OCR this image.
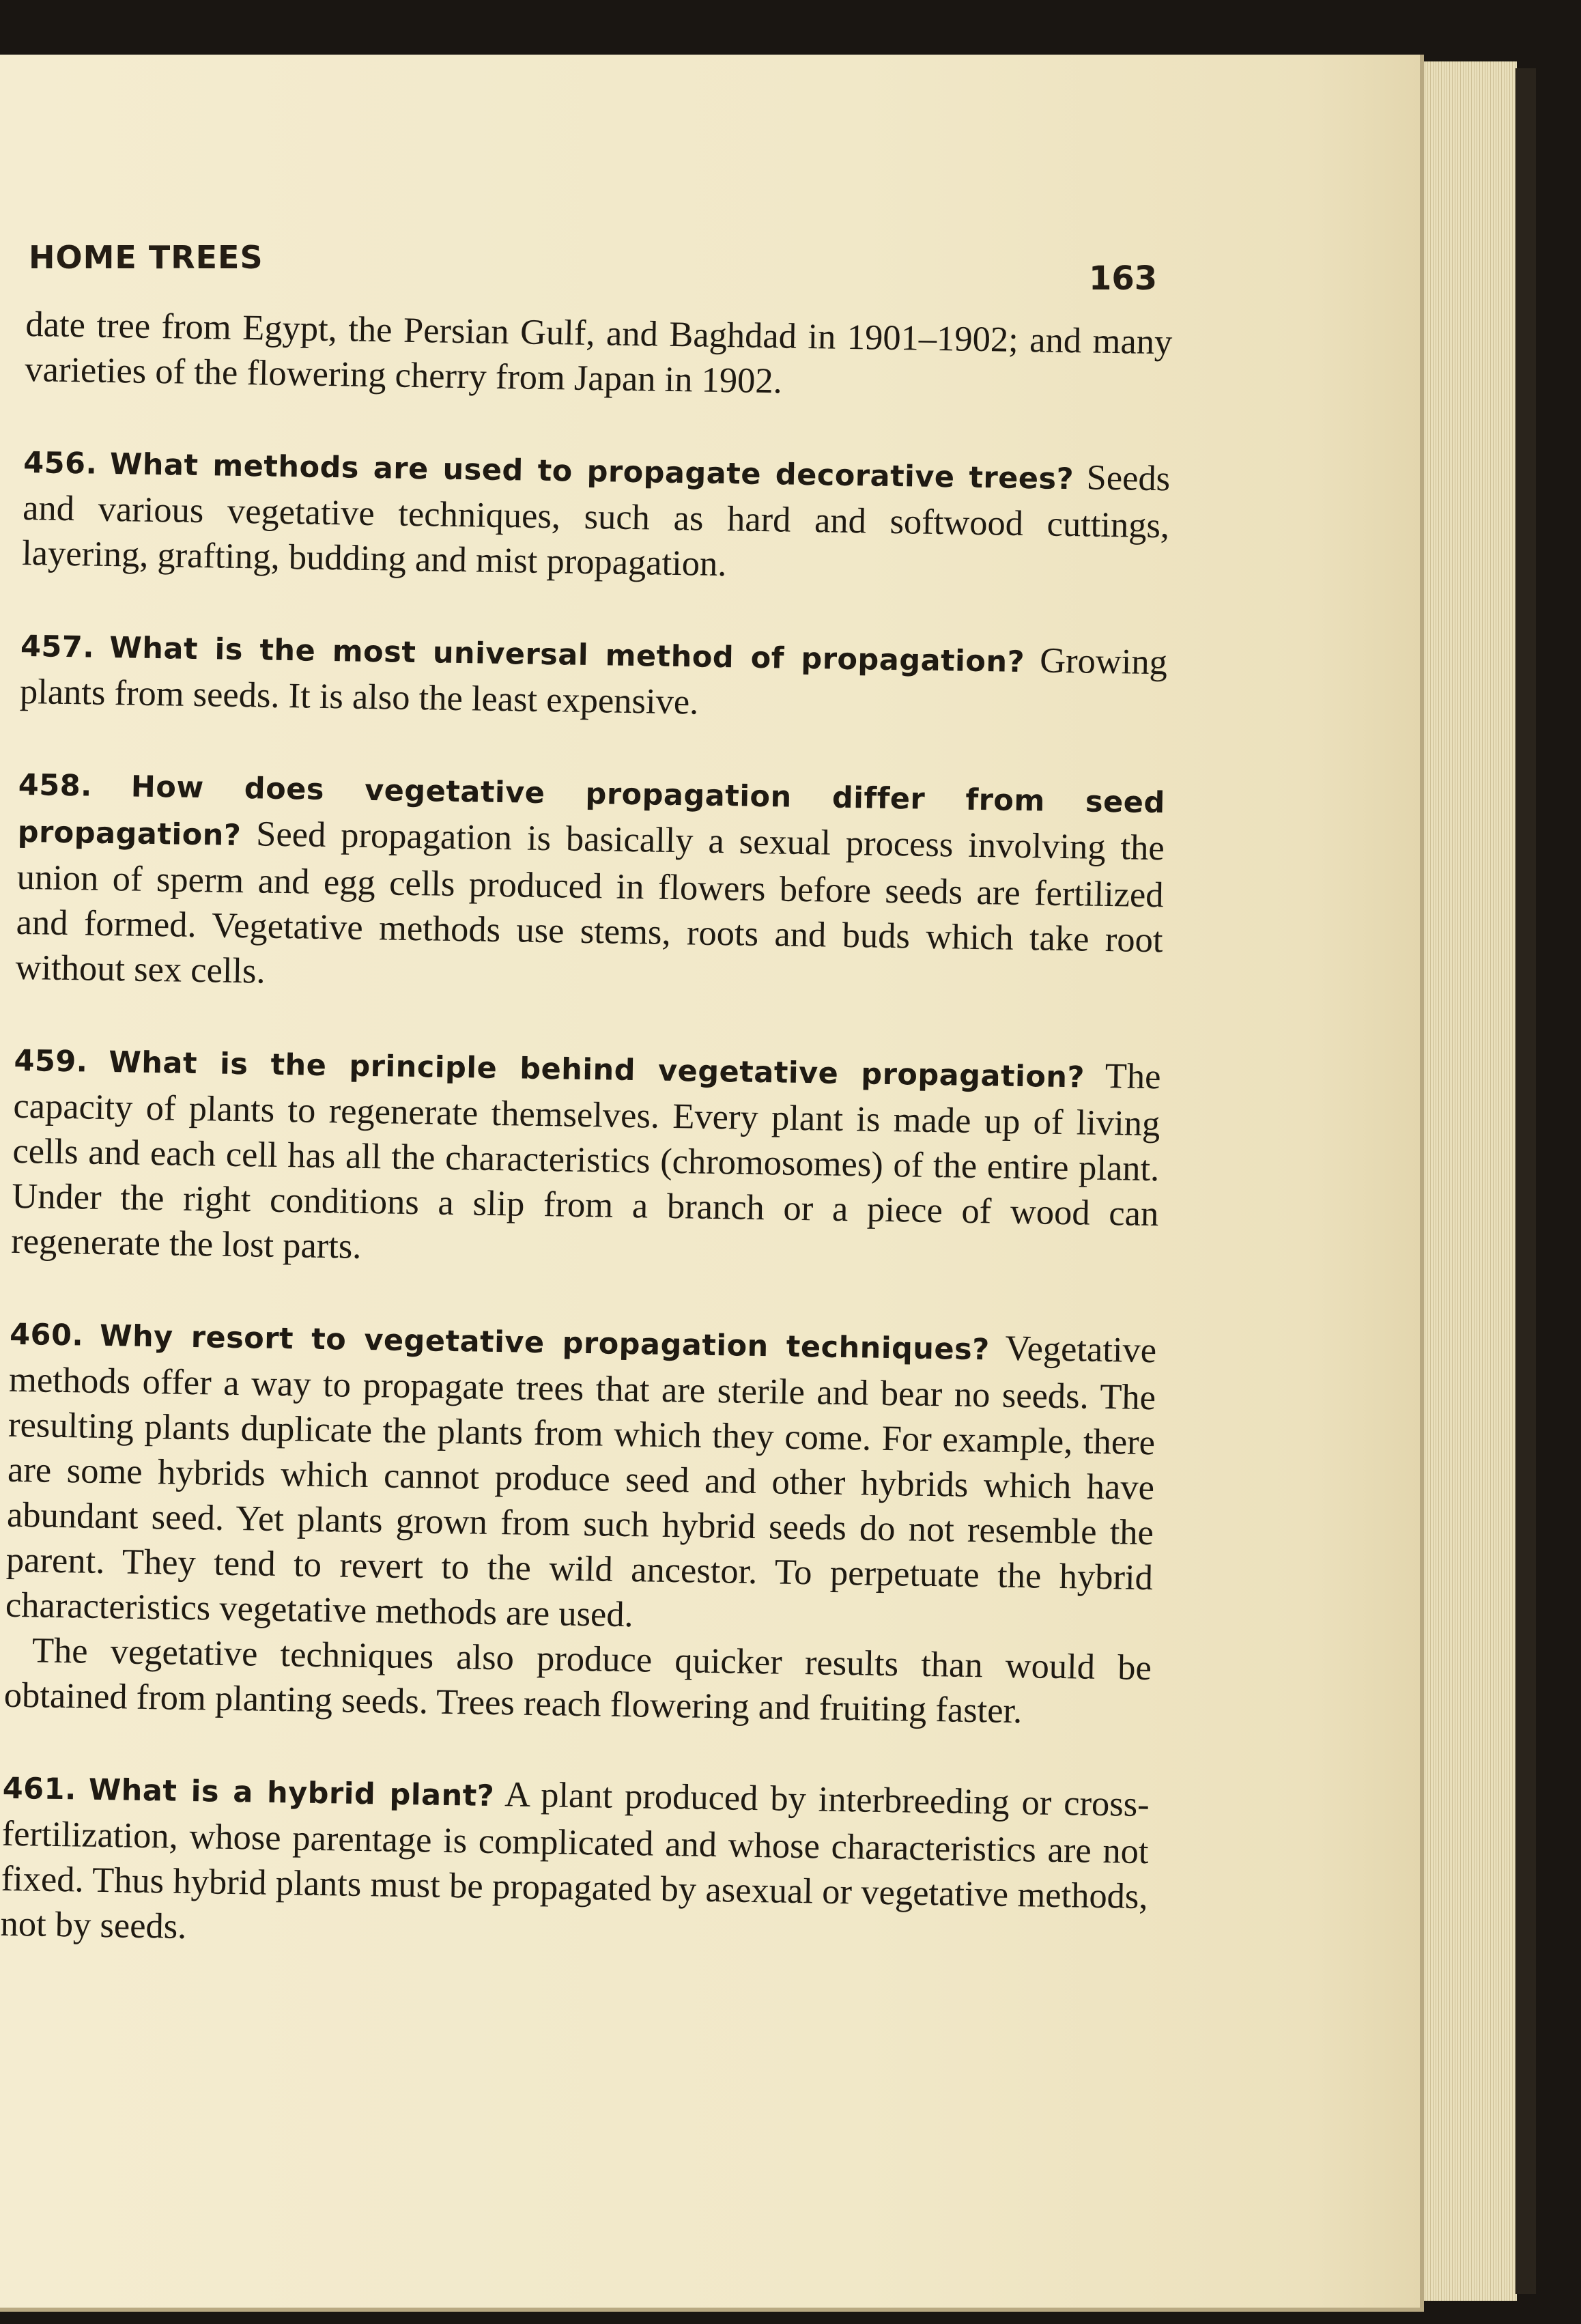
HOME TREES
163

date tree from Egypt, the Persian Gulf, and Baghdad in 1901–1902; and many varieties of the flowering cherry from Japan in 1902.

456. What methods are used to propagate decorative trees? Seeds and various vegetative techniques, such as hard and softwood cuttings, layering, grafting, budding and mist propagation.

457. What is the most universal method of propagation? Growing plants from seeds. It is also the least expensive.

458. How does vegetative propagation differ from seed propagation? Seed propagation is basically a sexual process involving the union of sperm and egg cells produced in flowers before seeds are fertilized and formed. Vegetative methods use stems, roots and buds which take root without sex cells.

459. What is the principle behind vegetative propagation? The capacity of plants to regenerate themselves. Every plant is made up of living cells and each cell has all the characteristics (chromosomes) of the entire plant. Under the right conditions a slip from a branch or a piece of wood can regenerate the lost parts.

460. Why resort to vegetative propagation techniques? Vegetative methods offer a way to propagate trees that are sterile and bear no seeds. The resulting plants duplicate the plants from which they come. For example, there are some hybrids which cannot produce seed and other hybrids which have abundant seed. Yet plants grown from such hybrid seeds do not resemble the parent. They tend to revert to the wild ancestor. To perpetuate the hybrid characteristics vegetative methods are used.

The vegetative techniques also produce quicker results than would be obtained from planting seeds. Trees reach flowering and fruiting faster.

461. What is a hybrid plant? A plant produced by interbreeding or cross-fertilization, whose parentage is complicated and whose characteristics are not fixed. Thus hybrid plants must be propagated by asexual or vegetative methods, not by seeds.
